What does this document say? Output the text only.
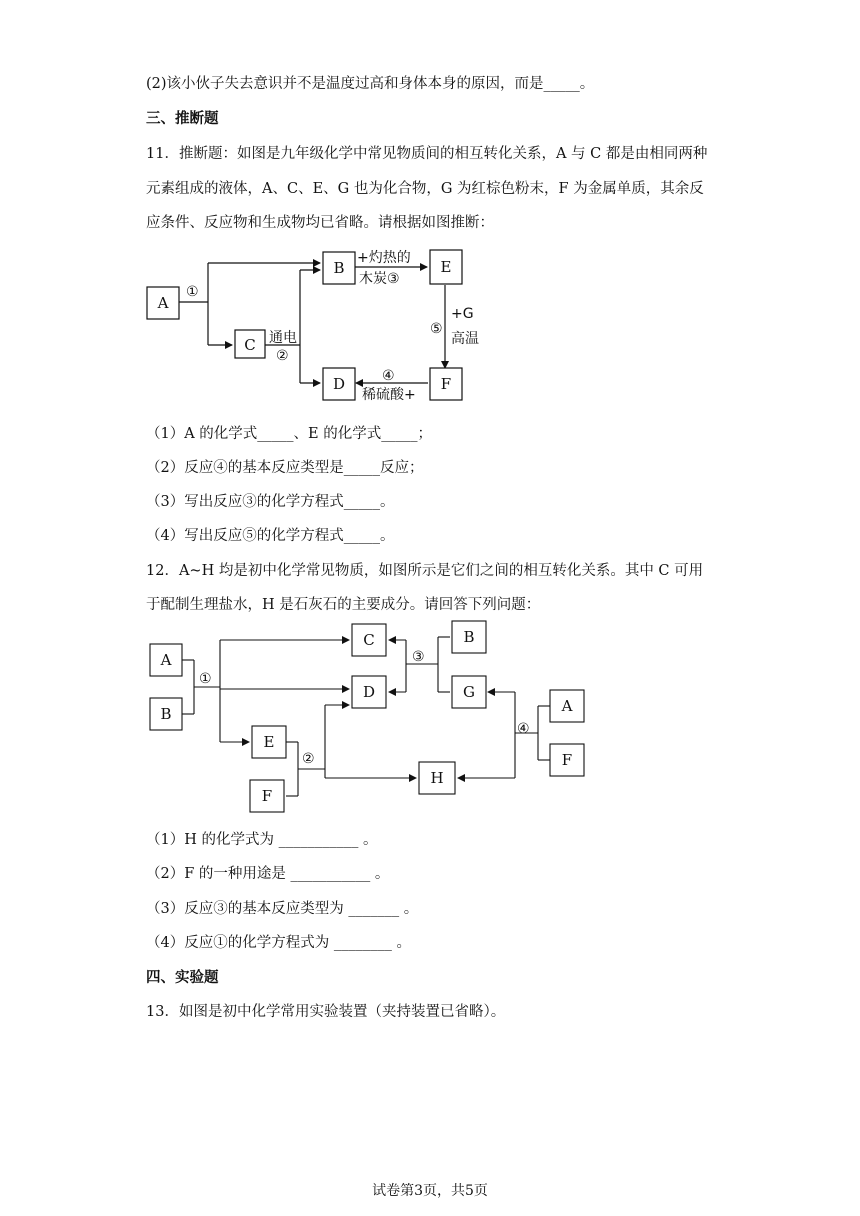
(2)该小伙子失去意识并不是温度过高和身体本身的原因，而是_____。
三、推断题
11．推断题：如图是九年级化学中常见物质间的相互转化关系，A 与 C 都是由相同两种
元素组成的液体，A、C、E、G 也为化合物，G 为红棕色粉末，F 为金属单质，其余反
应条件、反应物和生成物均已省略。请根据如图推断：
A
B
C
D
E
F
①
通电
②
+灼热的
木炭③
+G
⑤
高温
④
稀硫酸+
（1）A 的化学式_____、E 的化学式_____；
（2）反应④的基本反应类型是_____反应；
（3）写出反应③的化学方程式_____。
（4）写出反应⑤的化学方程式_____。
12．A~H 均是初中化学常见物质，如图所示是它们之间的相互转化关系。其中 C 可用
于配制生理盐水，H 是石灰石的主要成分。请回答下列问题：
A
B
C
D
B
G
A
F
E
F
H
①
②
③
④
（1）H 的化学式为 ___________ 。
（2）F 的一种用途是 ___________ 。
（3）反应③的基本反应类型为 _______ 。
（4）反应①的化学方程式为 ________ 。
四、实验题
13．如图是初中化学常用实验装置（夹持装置已省略）。
试卷第3页，共5页
